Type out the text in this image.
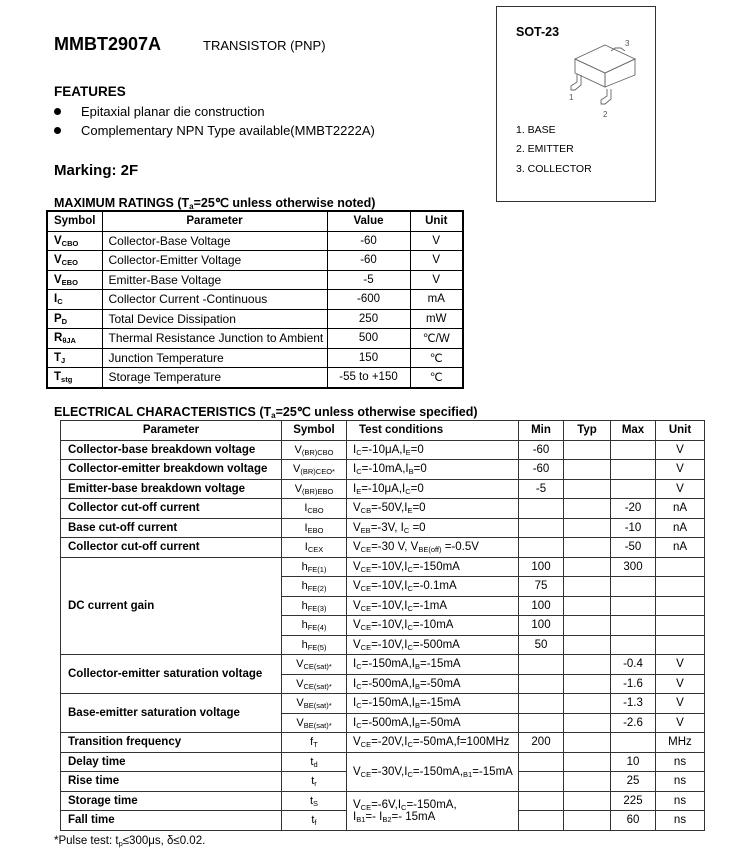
MMBT2907A	TRANSISTOR (PNP)
FEATURES
Epitaxial planar die construction
Complementary NPN Type available(MMBT2222A)
Marking: 2F
SOT-23
3
1
2
1. BASE
2. EMITTER
3. COLLECTOR
MAXIMUM RATINGS ($T_a=25℃$ unless otherwise noted)
Symbol	Parameter	Value	Unit
$V_{CBO}$	Collector-Base Voltage	-60	V
$V_{CEO}$	Collector-Emitter Voltage	-60	V
$V_{EBO}$	Emitter-Base Voltage	-5	V
$I_C$	Collector Current -Continuous	-600	mA
$P_D$	Total Device Dissipation	250	mW
$R_{\theta JA}$	Thermal Resistance Junction to Ambient	500	℃/W
$T_J$	Junction Temperature	150	℃
$T_{stg}$	Storage Temperature	-55 to +150	℃
ELECTRICAL CHARACTERISTICS ($T_a=25℃$ unless otherwise specified)
Parameter	Symbol	Test conditions	Min	Typ	Max	Unit
Collector-base breakdown voltage	$V_{(BR)CBO}$	$I_C=-10\mu A,I_E=0$	-60			V
Collector-emitter breakdown voltage	$V_{(BR)CEO*}$	$I_C=-10mA,I_B=0$	-60			V
Emitter-base breakdown voltage	$V_{(BR)EBO}$	$I_E=-10\mu A,I_C=0$	-5			V
Collector cut-off current	$I_{CBO}$	$V_{CB}=-50V,I_E=0$			-20	nA
Base cut-off current	$I_{EBO}$	$V_{EB}=-3V$, $I_C =0$			-10	nA
Collector cut-off current	$I_{CEX}$	$V_{CE}=-30$ V, $V_{BE(off)} =-0.5V$			-50	nA
DC current gain	$h_{FE(1)}$	$V_{CE}=-10V,I_C=-150mA$	100		300	
	$h_{FE(2)}$	$V_{CE}=-10V,I_C=-0.1mA$	75			
	$h_{FE(3)}$	$V_{CE}=-10V,I_C=-1mA$	100			
	$h_{FE(4)}$	$V_{CE}=-10V,I_C=-10mA$	100			
	$h_{FE(5)}$	$V_{CE}=-10V,I_C=-500mA$	50			
Collector-emitter saturation voltage	$V_{CE(sat)*}$	$I_C=-150mA,I_B=-15mA$			-0.4	V
	$V_{CE(sat)*}$	$I_C=-500mA,I_B=-50mA$			-1.6	V
Base-emitter saturation voltage	$V_{BE(sat)*}$	$I_C=-150mA,I_B=-15mA$			-1.3	V
	$V_{BE(sat)*}$	$I_C=-500mA,I_B=-50mA$			-2.6	V
Transition frequency	$f_T$	$V_{CE}=-20V,I_C=-50mA,f=100MHz$	200			MHz
Delay time	$t_d$	$V_{CE}=-30V,I_C=-150mA,_{B1}=-15mA$			10	ns
Rise time	$t_r$				25	ns
Storage time	$t_S$	$V_{CE}=-6V,I_C=-150mA$,
$I_{B1}=-$ $I_{B2}=-$ 15mA			225	ns
Fall time	$t_f$				60	ns
*Pulse test: $t_p\le 300\mu s$, δ≤0.02.
